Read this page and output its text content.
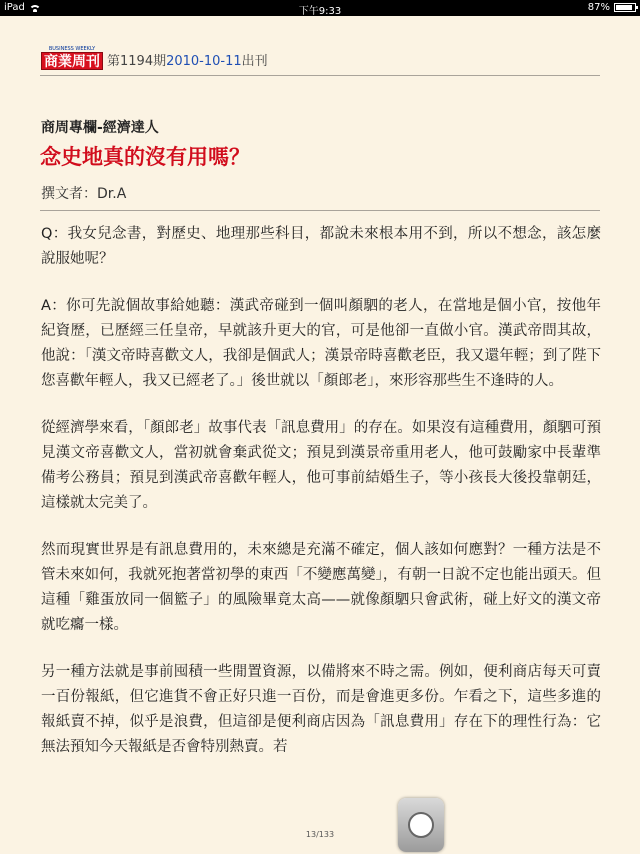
iPad	下午9:33	87%
BUSINESS WEEKLY
商業周刊 第1194期2010-10-11出刊
商周專欄-經濟達人
念史地真的沒有用嗎？
撰文者：Dr.A

Q：我女兒念書，對歷史、地理那些科目，都說未來根本用不到，所以不想念，該怎麼說服她呢？

A：你可先說個故事給她聽：漢武帝碰到一個叫顏駟的老人，在當地是個小官，按他年紀資歷，已歷經三任皇帝，早就該升更大的官，可是他卻一直做小官。漢武帝問其故，他說：「漢文帝時喜歡文人，我卻是個武人；漢景帝時喜歡老臣，我又還年輕；到了陛下您喜歡年輕人，我又已經老了。」後世就以「顏郎老」，來形容那些生不逢時的人。

從經濟學來看，「顏郎老」故事代表「訊息費用」的存在。如果沒有這種費用，顏駟可預見漢文帝喜歡文人，當初就會棄武從文；預見到漢景帝重用老人，他可鼓勵家中長輩準備考公務員；預見到漢武帝喜歡年輕人，他可事前結婚生子，等小孩長大後投靠朝廷，這樣就太完美了。

然而現實世界是有訊息費用的，未來總是充滿不確定，個人該如何應對？一種方法是不管未來如何，我就死抱著當初學的東西「不變應萬變」，有朝一日說不定也能出頭天。但這種「雞蛋放同一個籃子」的風險畢竟太高——就像顏駟只會武術，碰上好文的漢文帝就吃癟一樣。

另一種方法就是事前囤積一些閒置資源，以備將來不時之需。例如，便利商店每天可賣一百份報紙，但它進貨不會正好只進一百份，而是會進更多份。乍看之下，這些多進的報紙賣不掉，似乎是浪費，但這卻是便利商店因為「訊息費用」存在下的理性行為：它無法預知今天報紙是否會特別熱賣。若

13/133
